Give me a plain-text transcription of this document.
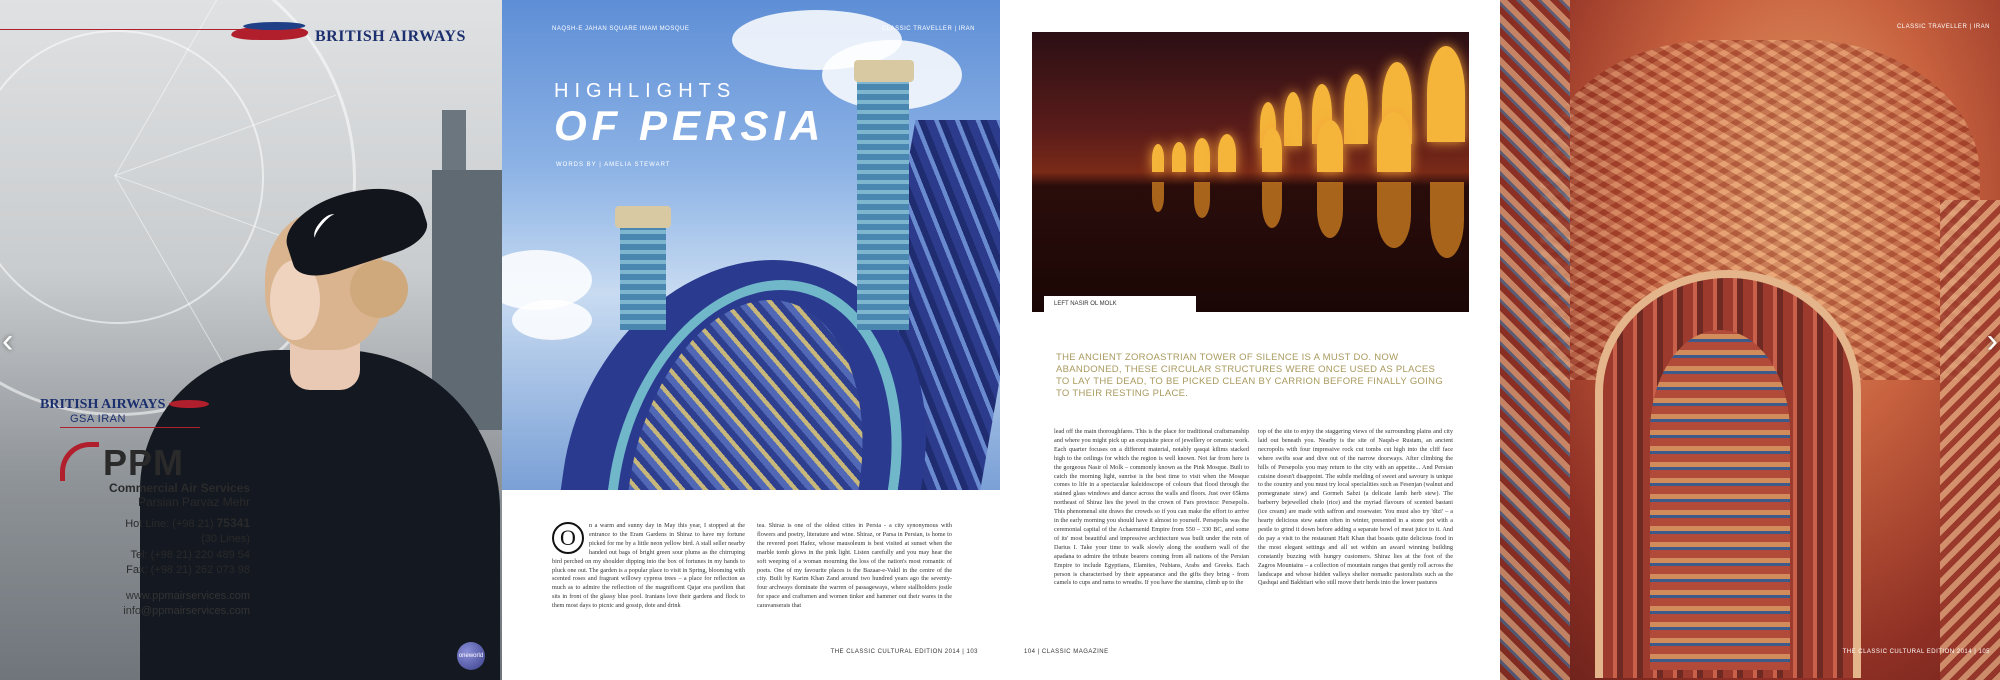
BRITISH AIRWAYS
BRITISH AIRWAYS
GSA IRAN
PPM
Commercial Air Services
Parsian Parvaz Mehr
Hot Line: (+98 21) 75341
(30 Lines)
Tel: (+98 21) 220 489 54
Fax: (+98 21) 262 073 98
www.ppmairservices.com
info@ppmairservices.com
oneworld
‹
NAQSH-E JAHAN SQUARE IMAM MOSQUE	CLASSIC TRAVELLER | IRAN
HIGHLIGHTS
OF PERSIA
WORDS BY | AMELIA STEWART
O	n a warm and sunny day in May this year, I stopped at the entrance to the Eram Gardens in Shiraz to have my fortune picked for me by a little neon yellow bird. A stall seller nearby handed out bags of bright green sour plums as the chirruping bird perched on my shoulder dipping into the box of fortunes in my hands to pluck one out. The garden is a popular place to visit in Spring, blooming with scented roses and fragrant willowy cypress trees – a place for reflection as much as to admire the reflection of the magnificent Qajar era pavilion that sits in front of the glassy blue pool. Iranians love their gardens and flock to them most days to picnic and gossip, dote and drink
tea. Shiraz is one of the oldest cities in Persia - a city synonymous with flowers and poetry, literature and wine. Shiraz, or Parsa in Persian, is home to the revered poet Hafez, whose mausoleum is best visited at sunset when the marble tomb glows in the pink light. Listen carefully and you may hear the soft weeping of a woman mourning the loss of the nation's most romantic of poets. One of my favourite places is the Bazaar-e-Vakil in the centre of the city. Built by Karim Khan Zand around two hundred years ago the seventy-four archways dominate the warren of passageways, where stallholders jostle for space and craftsmen and women tinker and hammer out their wares in the caravanserais that
THE CLASSIC CULTURAL EDITION 2014 | 103
LEFT NASIR OL MOLK
THE ANCIENT ZOROASTRIAN TOWER OF SILENCE IS A MUST DO. NOW ABANDONED, THESE CIRCULAR STRUCTURES WERE ONCE USED AS PLACES TO LAY THE DEAD, TO BE PICKED CLEAN BY CARRION BEFORE FINALLY GOING TO THEIR RESTING PLACE.
lead off the main thoroughfares. This is the place for traditional craftsmanship and where you might pick up an exquisite piece of jewellery or ceramic work. Each quarter focuses on a different material, notably qasqai kilims stacked high to the ceilings for which the region is well known. Not far from here is the gorgeous Nasir ol Molk – commonly known as the Pink Mosque. Built to catch the morning light, sunrise is the best time to visit when the Mosque comes to life in a spectacular kaleidoscope of colours that flood through the stained glass windows and dance across the walls and floors. Just over 65kms northeast of Shiraz lies the jewel in the crown of Fars province: Persepolis. This phenomenal site draws the crowds so if you can make the effort to arrive in the early morning you should have it almost to yourself. Persepolis was the ceremonial capital of the Achaemenid Empire from 550 – 330 BC, and some of its' most beautiful and impressive architecture was built under the rein of Darius I. Take your time to walk slowly along the southern wall of the apadana to admire the tribute bearers coming from all nations of the Persian Empire to include Egyptians, Elamites, Nubians, Arabs and Greeks. Each person is characterised by their appearance and the gifts they bring - from camels to cups and rams to wreaths. If you have the stamina, climb up to the
top of the site to enjoy the staggering views of the surrounding plains and city laid out beneath you. Nearby is the site of Naqsh-e Rustam, an ancient necropolis with four impressive rock cut tombs cut high into the cliff face where swifts soar and dive out of the narrow doorways. After climbing the hills of Persepolis you may return to the city with an appetite... And Persian cuisine doesn't disappoint. The subtle melding of sweet and savoury is unique to the country and you must try local specialities such as Fesenjan (walnut and pomegranate stew) and Gormeh Sabzi (a delicate lamb herb stew). The barberry bejewelled chelo (rice) and the myriad flavours of scented bastani (ice cream) are made with saffron and rosewater. You must also try 'dizi' – a hearty delicious stew eaten often in winter, presented in a stone pot with a pestle to grind it down before adding a separate bowl of meat juice to it. And do pay a visit to the restaurant Haft Khan that boasts quite delicious food in the most elegant settings and all set within an award winning building constantly buzzing with hungry customers. Shiraz lies at the foot of the Zagros Mountains – a collection of mountain ranges that gently roll across the landscape and whose hidden valleys shelter nomadic pastoralists such as the Qashqai and Bakhtiari who still move their herds into the lower pastures
104 | CLASSIC MAGAZINE
CLASSIC TRAVELLER | IRAN
THE CLASSIC CULTURAL EDITION 2014 | 105
›
